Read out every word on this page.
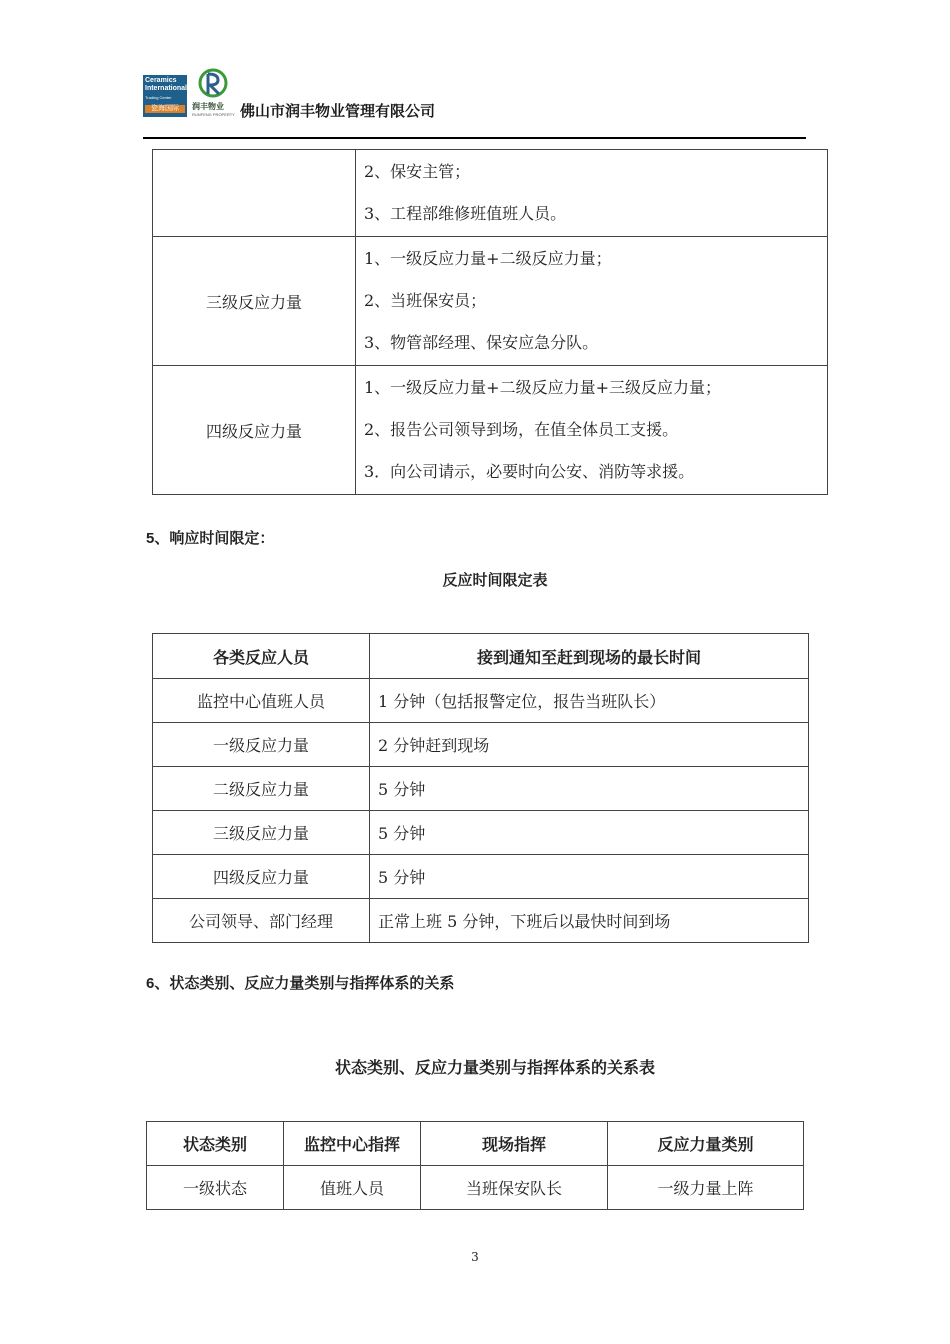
Ceramics
International
Trading Center
瓷海国际	润丰物业
RUNFENG PROPERTY 佛山市润丰物业管理有限公司

	2、保安主管；
3、工程部维修班值班人员。

三级反应力量	1、一级反应力量+二级反应力量；
2、当班保安员；
3、物管部经理、保安应急分队。

四级反应力量	1、一级反应力量+二级反应力量+三级反应力量；
2、报告公司领导到场，在值全体员工支援。
3．向公司请示，必要时向公安、消防等求援。
5、响应时间限定：
反应时间限定表
各类反应人员	接到通知至赶到现场的最长时间
监控中心值班人员	1 分钟（包括报警定位，报告当班队长）
一级反应力量	2 分钟赶到现场
二级反应力量	5 分钟
三级反应力量	5 分钟
四级反应力量	5 分钟
公司领导、部门经理	正常上班 5 分钟，下班后以最快时间到场
6、状态类别、反应力量类别与指挥体系的关系
状态类别、反应力量类别与指挥体系的关系表
状态类别	监控中心指挥	现场指挥	反应力量类别
一级状态	值班人员	当班保安队长	一级力量上阵
3
